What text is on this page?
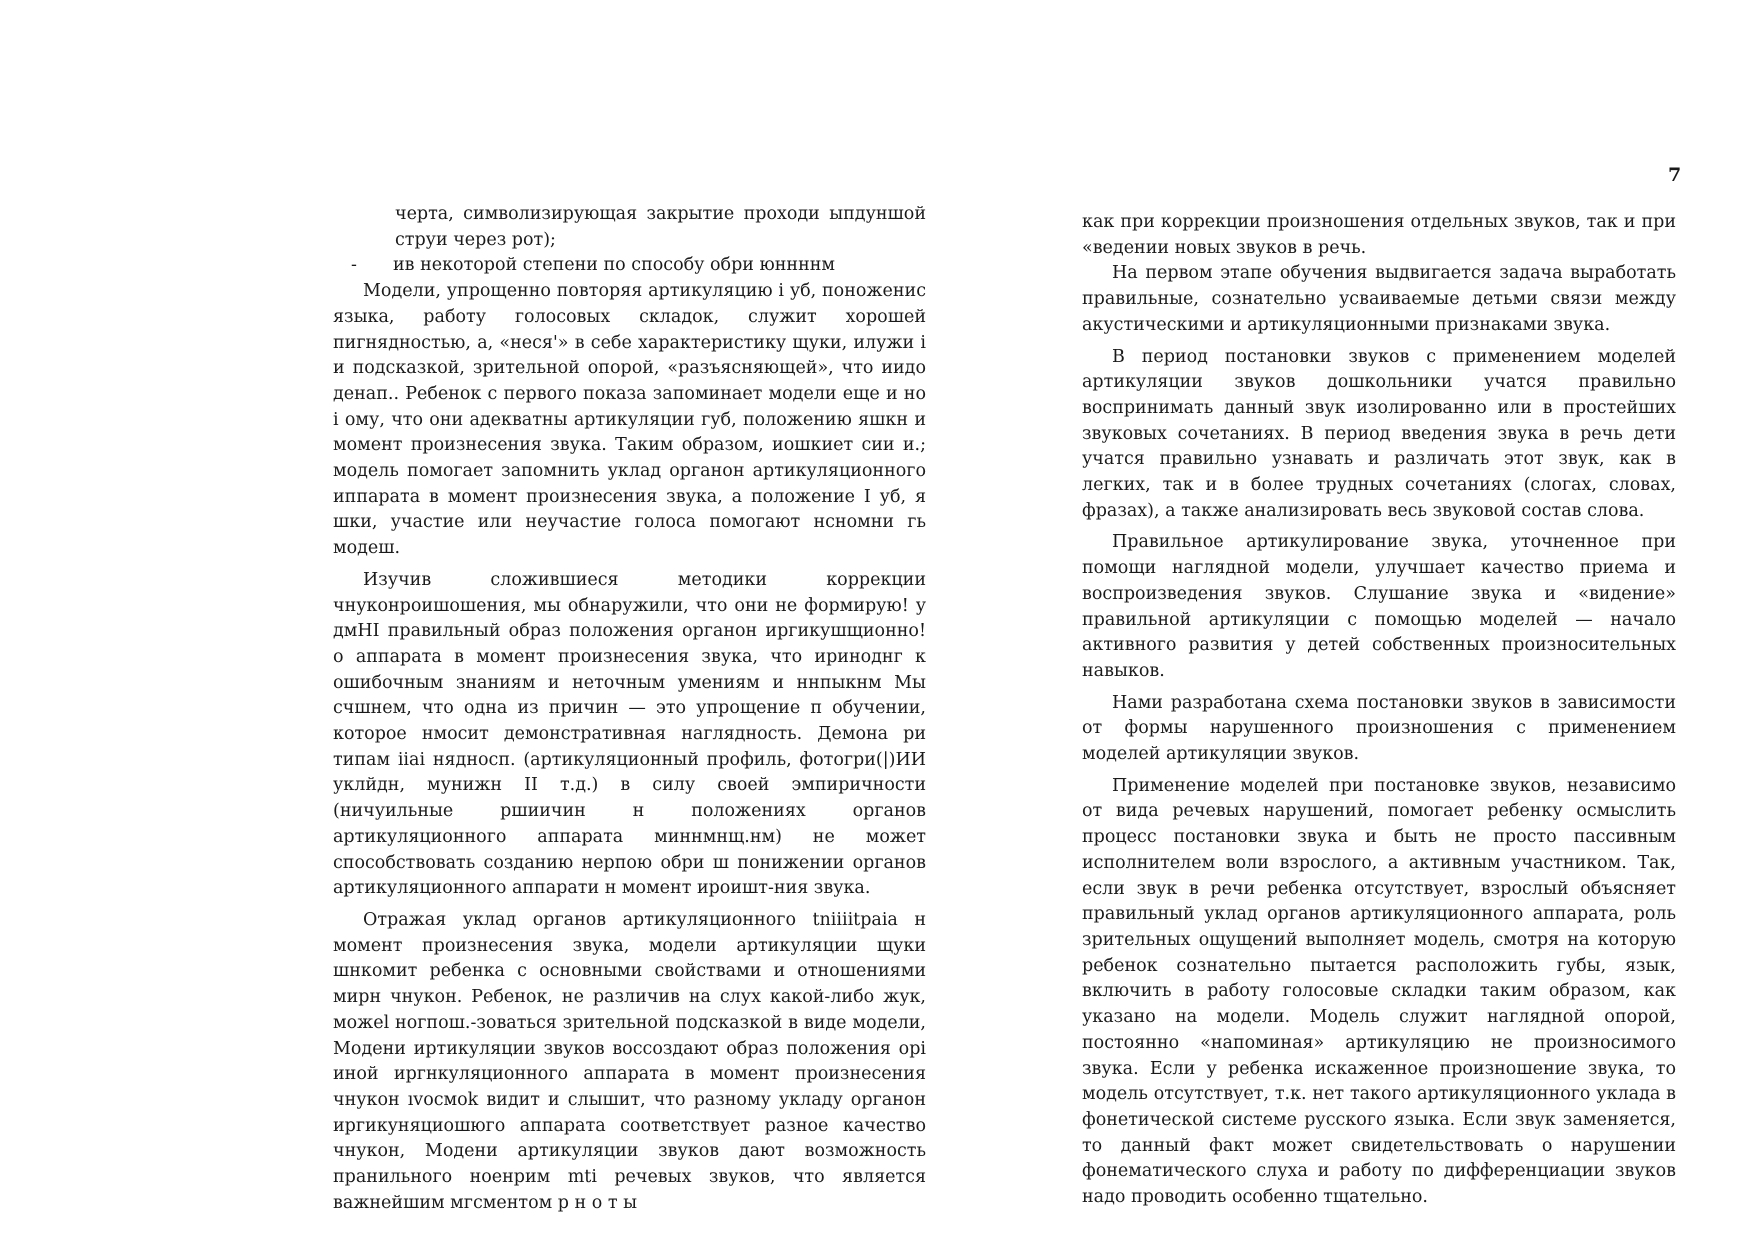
7

черта, символизирующая закрытие проходи ыпдуншой струи через рот);

-	ив некоторой степени по способу обри юннннм

Модели, упрощенно повторяя артикуляцию і уб, поноженис языка, работу голосовых складок, служит хорошей пигнядностью, а, «неся'» в себе характеристику щуки, илужи і и подсказкой, зрительной опорой, «разъясняющей», что иидо денап.. Ребенок с первого показа запоминает модели еще и но і ому, что они адекватны артикуляции губ, положению яшкн и момент произнесения звука. Таким образом, иошкиет сии и.; модель помогает запомнить уклад органон артикуляционного иппарата в момент произнесения звука, а положение І уб, я шки, участие или неучастие голоса помогают нсномни гь модеш.

Изучив сложившиеся методики коррекции чнуконроишошения, мы обнаружили, что они не формирую! у дмНІ правильный образ положения органон иргикушщионно! о аппарата в момент произнесения звука, что ириноднг к ошибочным знаниям и неточным умениям и ннпыкнм Мы счшнем, что одна из причин — это упрощение п обучении, которое нмосит демонстративная наглядность. Демона ри типам ііаі нядносп. (артикуляционный профиль, фотогри(|)ИИ уклйдн, мунижн ІІ т.д.) в силу своей эмпиричности (ничуильные ршиичин н положениях органов артикуляционного аппарата миннмнщ.нм) не может способствовать созданию нерпою обри ш понижении органов артикуляционного аппарати н момент ироишт-ния звука.

Отражая уклад органов артикуляционного tniiiitpaia н момент произнесения звука, модели артикуляции щуки шнкомит ребенка с основными свойствами и отношениями мирн чнукон. Ребенок, не различив на слух какой-либо жук, можеl ногпош.-зоваться зрительной подсказкой в виде модели, Модени иртикуляции звуков воссоздают образ положения орі иной иргнкуляционного аппарата в момент произнесения чнукон ıvocмok видит и слышит, что разному укладу органон иргикуняциошюго аппарата соответствует разное качество чнукон, Модени артикуляции звуков дают возможность пранильного ноенрим mti речевых звуков, что является важнейшим мгсментом р н о т ы

как при коррекции произношения отдельных звуков, так и при «ведении новых звуков в речь.

На первом этапе обучения выдвигается задача выработать правильные, сознательно усваиваемые детьми связи между акустическими и артикуляционными признаками звука.

В период постановки звуков с применением моделей артикуляции звуков дошкольники учатся правильно воспринимать данный звук изолированно или в простейших звуковых сочетаниях. В период введения звука в речь дети учатся правильно узнавать и различать этот звук, как в легких, так и в более трудных сочетаниях (слогах, словах, фразах), а также анализировать весь звуковой состав слова.

Правильное артикулирование звука, уточненное при помощи наглядной модели, улучшает качество приема и воспроизведения звуков. Слушание звука и «видение» правильной артикуляции с помощью моделей — начало активного развития у детей собственных произносительных навыков.

Нами разработана схема постановки звуков в зависимости от формы нарушенного произношения с применением моделей артикуляции звуков.

Применение моделей при постановке звуков, независимо от вида речевых нарушений, помогает ребенку осмыслить процесс постановки звука и быть не просто пассивным исполнителем воли взрослого, а активным участником. Так, если звук в речи ребенка отсутствует, взрослый объясняет правильный уклад органов артикуляционного аппарата, роль зрительных ощущений выполняет модель, смотря на которую ребенок сознательно пытается расположить губы, язык, включить в работу голосовые складки таким образом, как указано на модели. Модель служит наглядной опорой, постоянно «напоминая» артикуляцию не произносимого звука. Если у ребенка искаженное произношение звука, то модель отсутствует, т.к. нет такого артикуляционного уклада в фонетической системе русского языка. Если звук заменяется, то данный факт может свидетельствовать о нарушении фонематического слуха и работу по дифференциации звуков надо проводить особенно тщательно.
